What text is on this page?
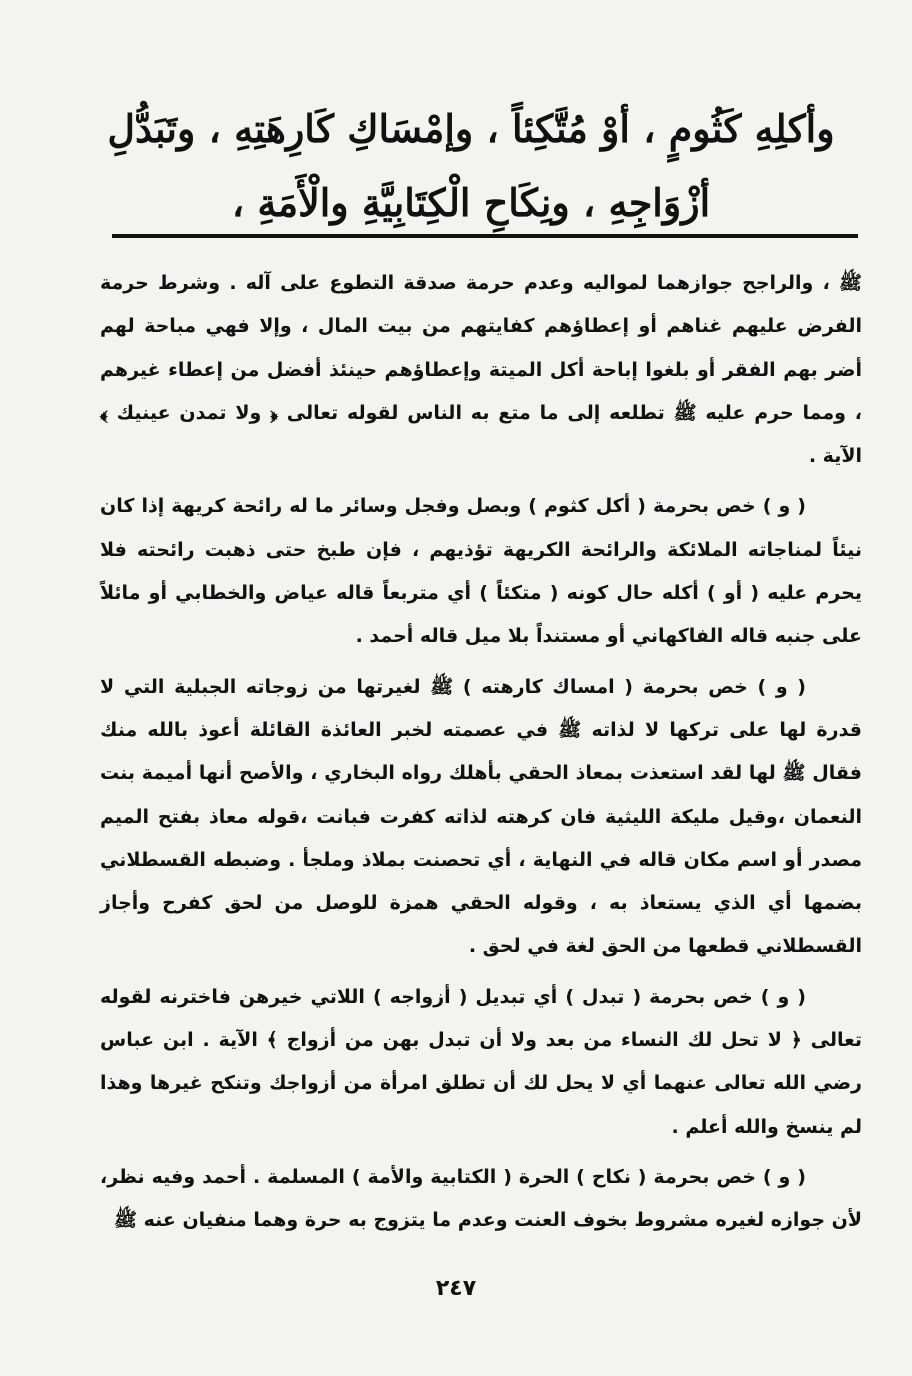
وأكلِهِ كَثُومٍ ، أوْ مُتَّكِئاً ، وإمْسَاكِ كَارِهَتِهِ ، وتَبَدُّلِ
أزْوَاجِهِ ، ونِكَاحِ الْكِتَابِيَّةِ والْأَمَةِ ،

ﷺ ، والراجح جوازهما لمواليه وعدم حرمة صدقة التطوع على آله . وشرط حرمة الفرض عليهم غناهم أو إعطاؤهم كفايتهم من بيت المال ، وإلا فهي مباحة لهم أضر بهم الفقر أو بلغوا إباحة أكل الميتة وإعطاؤهم حينئذ أفضل من إعطاء غيرهم ، ومما حرم عليه ﷺ تطلعه إلى ما متع به الناس لقوله تعالى ﴿ ولا تمدن عينيك ﴾ الآية .

( و ) خص بحرمة ( أكل كثوم ) وبصل وفجل وسائر ما له رائحة كريهة إذا كان نيئاً لمناجاته الملائكة والرائحة الكريهة تؤذيهم ، فإن طبخ حتى ذهبت رائحته فلا يحرم عليه ( أو ) أكله حال كونه ( متكئاً ) أي متربعاً قاله عياض والخطابي أو مائلاً على جنبه قاله الفاكهاني أو مستنداً بلا ميل قاله أحمد .

( و ) خص بحرمة ( امساك كارهته ) ﷺ لغيرتها من زوجاته الجبلية التي لا قدرة لها على تركها لا لذاته ﷺ في عصمته لخبر العائذة القائلة أعوذ بالله منك فقال ﷺ لها لقد استعذت بمعاذ الحقي بأهلك رواه البخاري ، والأصح أنها أميمة بنت النعمان ،وقيل مليكة الليثية فان كرهته لذاته كفرت فبانت ،قوله معاذ بفتح الميم مصدر أو اسم مكان قاله في النهاية ، أي تحصنت بملاذ وملجأ . وضبطه القسطلاني بضمها أي الذي يستعاذ به ، وقوله الحقي همزة للوصل من لحق كفرح وأجاز القسطلاني قطعها من الحق لغة في لحق .

( و ) خص بحرمة ( تبدل ) أي تبديل ( أزواجه ) اللاتي خيرهن فاخترنه لقوله تعالى ﴿ لا تحل لك النساء من بعد ولا أن تبدل بهن من أزواج ﴾ الآية . ابن عباس رضي الله تعالى عنهما أي لا يحل لك أن تطلق امرأة من أزواجك وتنكح غيرها وهذا لم ينسخ والله أعلم .

( و ) خص بحرمة ( نكاح ) الحرة ( الكتابية والأمة ) المسلمة . أحمد وفيه نظر، لأن جوازه لغيره مشروط بخوف العنت وعدم ما يتزوج به حرة وهما منفيان عنه ﷺ

٢٤٧
